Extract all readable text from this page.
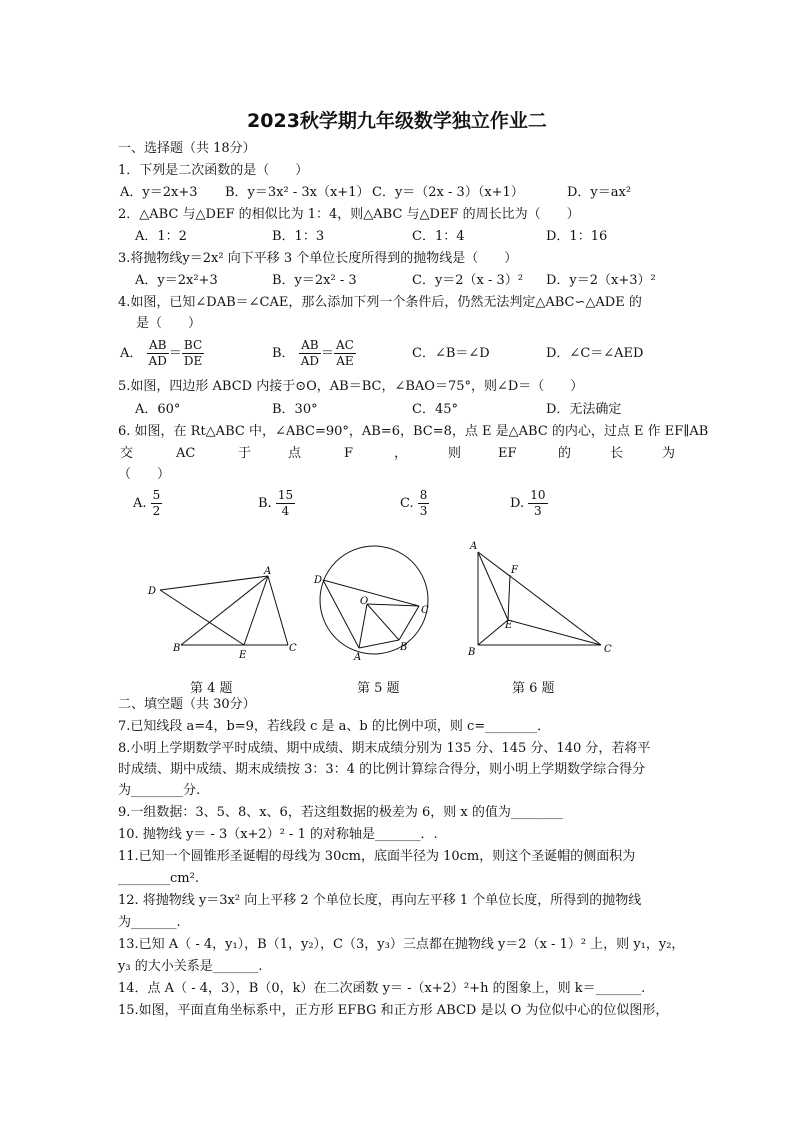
2023秋学期九年级数学独立作业二
一、选择题（共 18分）
1．下列是二次函数的是（　　）
A．y＝2x+3 B．y＝3x² - 3x（x+1） C．y＝（2x - 3）（x+1）	D．y＝ax²
2．△ABC 与△DEF 的相似比为 1：4，则△ABC 与△DEF 的周长比为（　　）
A．1：2	B．1：3	C．1：4	D．1：16
3.将抛物线y＝2x² 向下平移 3 个单位长度所得到的抛物线是（　　）
A．y＝2x²+3	B．y＝2x² - 3	C．y＝2（x - 3）² D．y＝2（x+3）²
4.如图，已知∠DAB＝∠CAE，那么添加下列一个条件后，仍然无法判定△ABC∽△ADE 的
是（　　）
A． $\frac{AB}{AD} = \frac{BC}{DE}$	B． $\frac{AB}{AD} = \frac{AC}{AE}$	C．∠B＝∠D	D．∠C＝∠AED
5.如图，四边形 ABCD 内接于⊙O，AB＝BC，∠BAO＝75°，则∠D＝（　　）
A．60°	B．30°	C．45°	D．无法确定
6. 如图，在 Rt△ABC 中，∠ABC=90°，AB=6，BC=8，点 E 是△ABC 的内心，过点 E 作 EF∥AB
交	AC	于	点	F	，	则	EF	的	长	为
（　　）
A. $\frac{5}{2}$	B. $\frac{15}{4}$	C. $\frac{8}{3}$	D. $\frac{10}{3}$
D
A
B
E
C
D
O
C
A
B
A
F
E
B	C
第 4 题	第 5 题	第 6 题
二、填空题（共 30分）
7.已知线段 a=4，b=9，若线段 c 是 a、b 的比例中项，则 c=________．
8.小明上学期数学平时成绩、期中成绩、期末成绩分别为 135 分、145 分、140 分，若将平
时成绩、期中成绩、期末成绩按 3：3：4 的比例计算综合得分，则小明上学期数学综合得分
为________分.
9.一组数据：3、5、8、x、6，若这组数据的极差为 6，则 x 的值为________
10. 抛物线 y＝ - 3（x+2）² - 1 的对称轴是_______．.
11.已知一个圆锥形圣诞帽的母线为 30cm，底面半径为 10cm，则这个圣诞帽的侧面积为
________cm².
12. 将抛物线 y＝3x² 向上平移 2 个单位长度，再向左平移 1 个单位长度，所得到的抛物线
为_______.
13.已知 A（ - 4，y₁），B（1，y₂），C（3，y₃）三点都在抛物线 y＝2（x - 1）² 上，则 y₁，y₂，
y₃ 的大小关系是_______.
14．点 A（ - 4，3），B（0，k）在二次函数 y＝ -（x+2）²+h 的图象上，则 k＝_______.
15.如图，平面直角坐标系中，正方形 EFBG 和正方形 ABCD 是以 O 为位似中心的位似图形，
